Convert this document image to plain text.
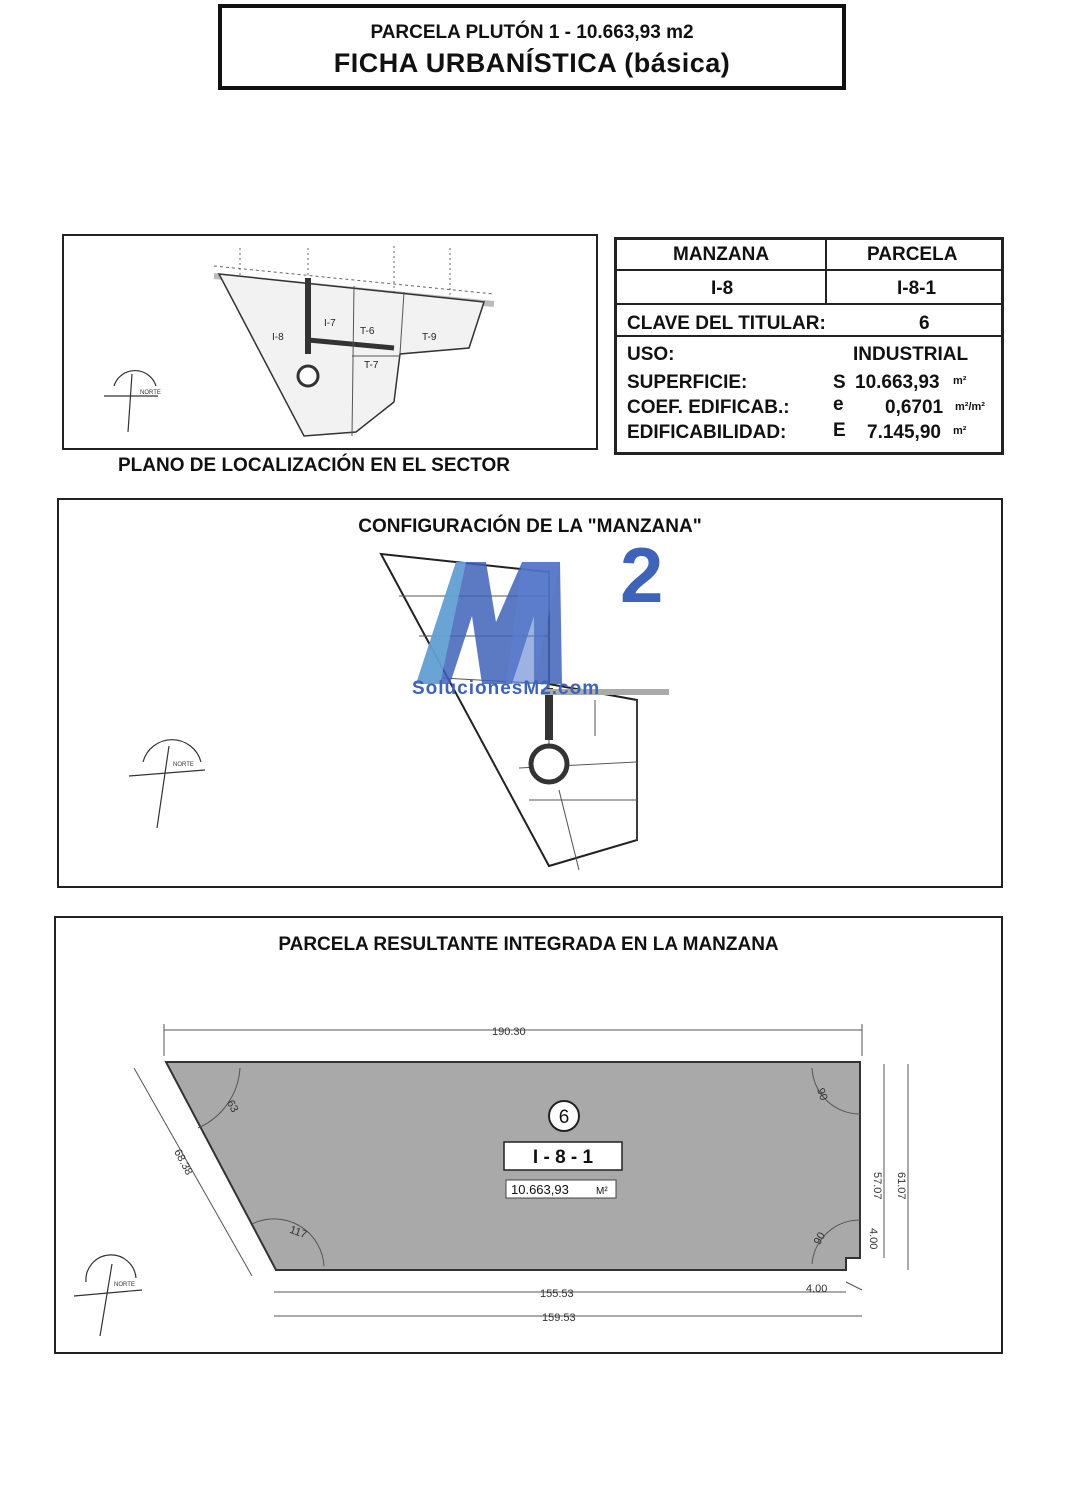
PARCELA PLUTÓN 1 - 10.663,93 m2
FICHA URBANÍSTICA (básica)
I-8
I-7
T-6
T-9
T-7
NORTE
PLANO DE LOCALIZACIÓN EN EL SECTOR
MANZANA	PARCELA
I-8	I-8-1
CLAVE DEL TITULAR:	6
USO:	INDUSTRIAL
SUPERFICIE:	S 10.663,93 m²
COEF. EDIFICAB.: e 0,6701 m²/m²
EDIFICABILIDAD: E 7.145,90 m²
CONFIGURACIÓN DE LA "MANZANA"
NORTE
2
SolucionesM2.com
PARCELA RESULTANTE INTEGRADA EN LA MANZANA
190.30
68.38
57.07 61.07
4.00
4.00
155.53
159.53
63
90
117	90
6
I - 8 - 1
10.663,93	M²
NORTE
